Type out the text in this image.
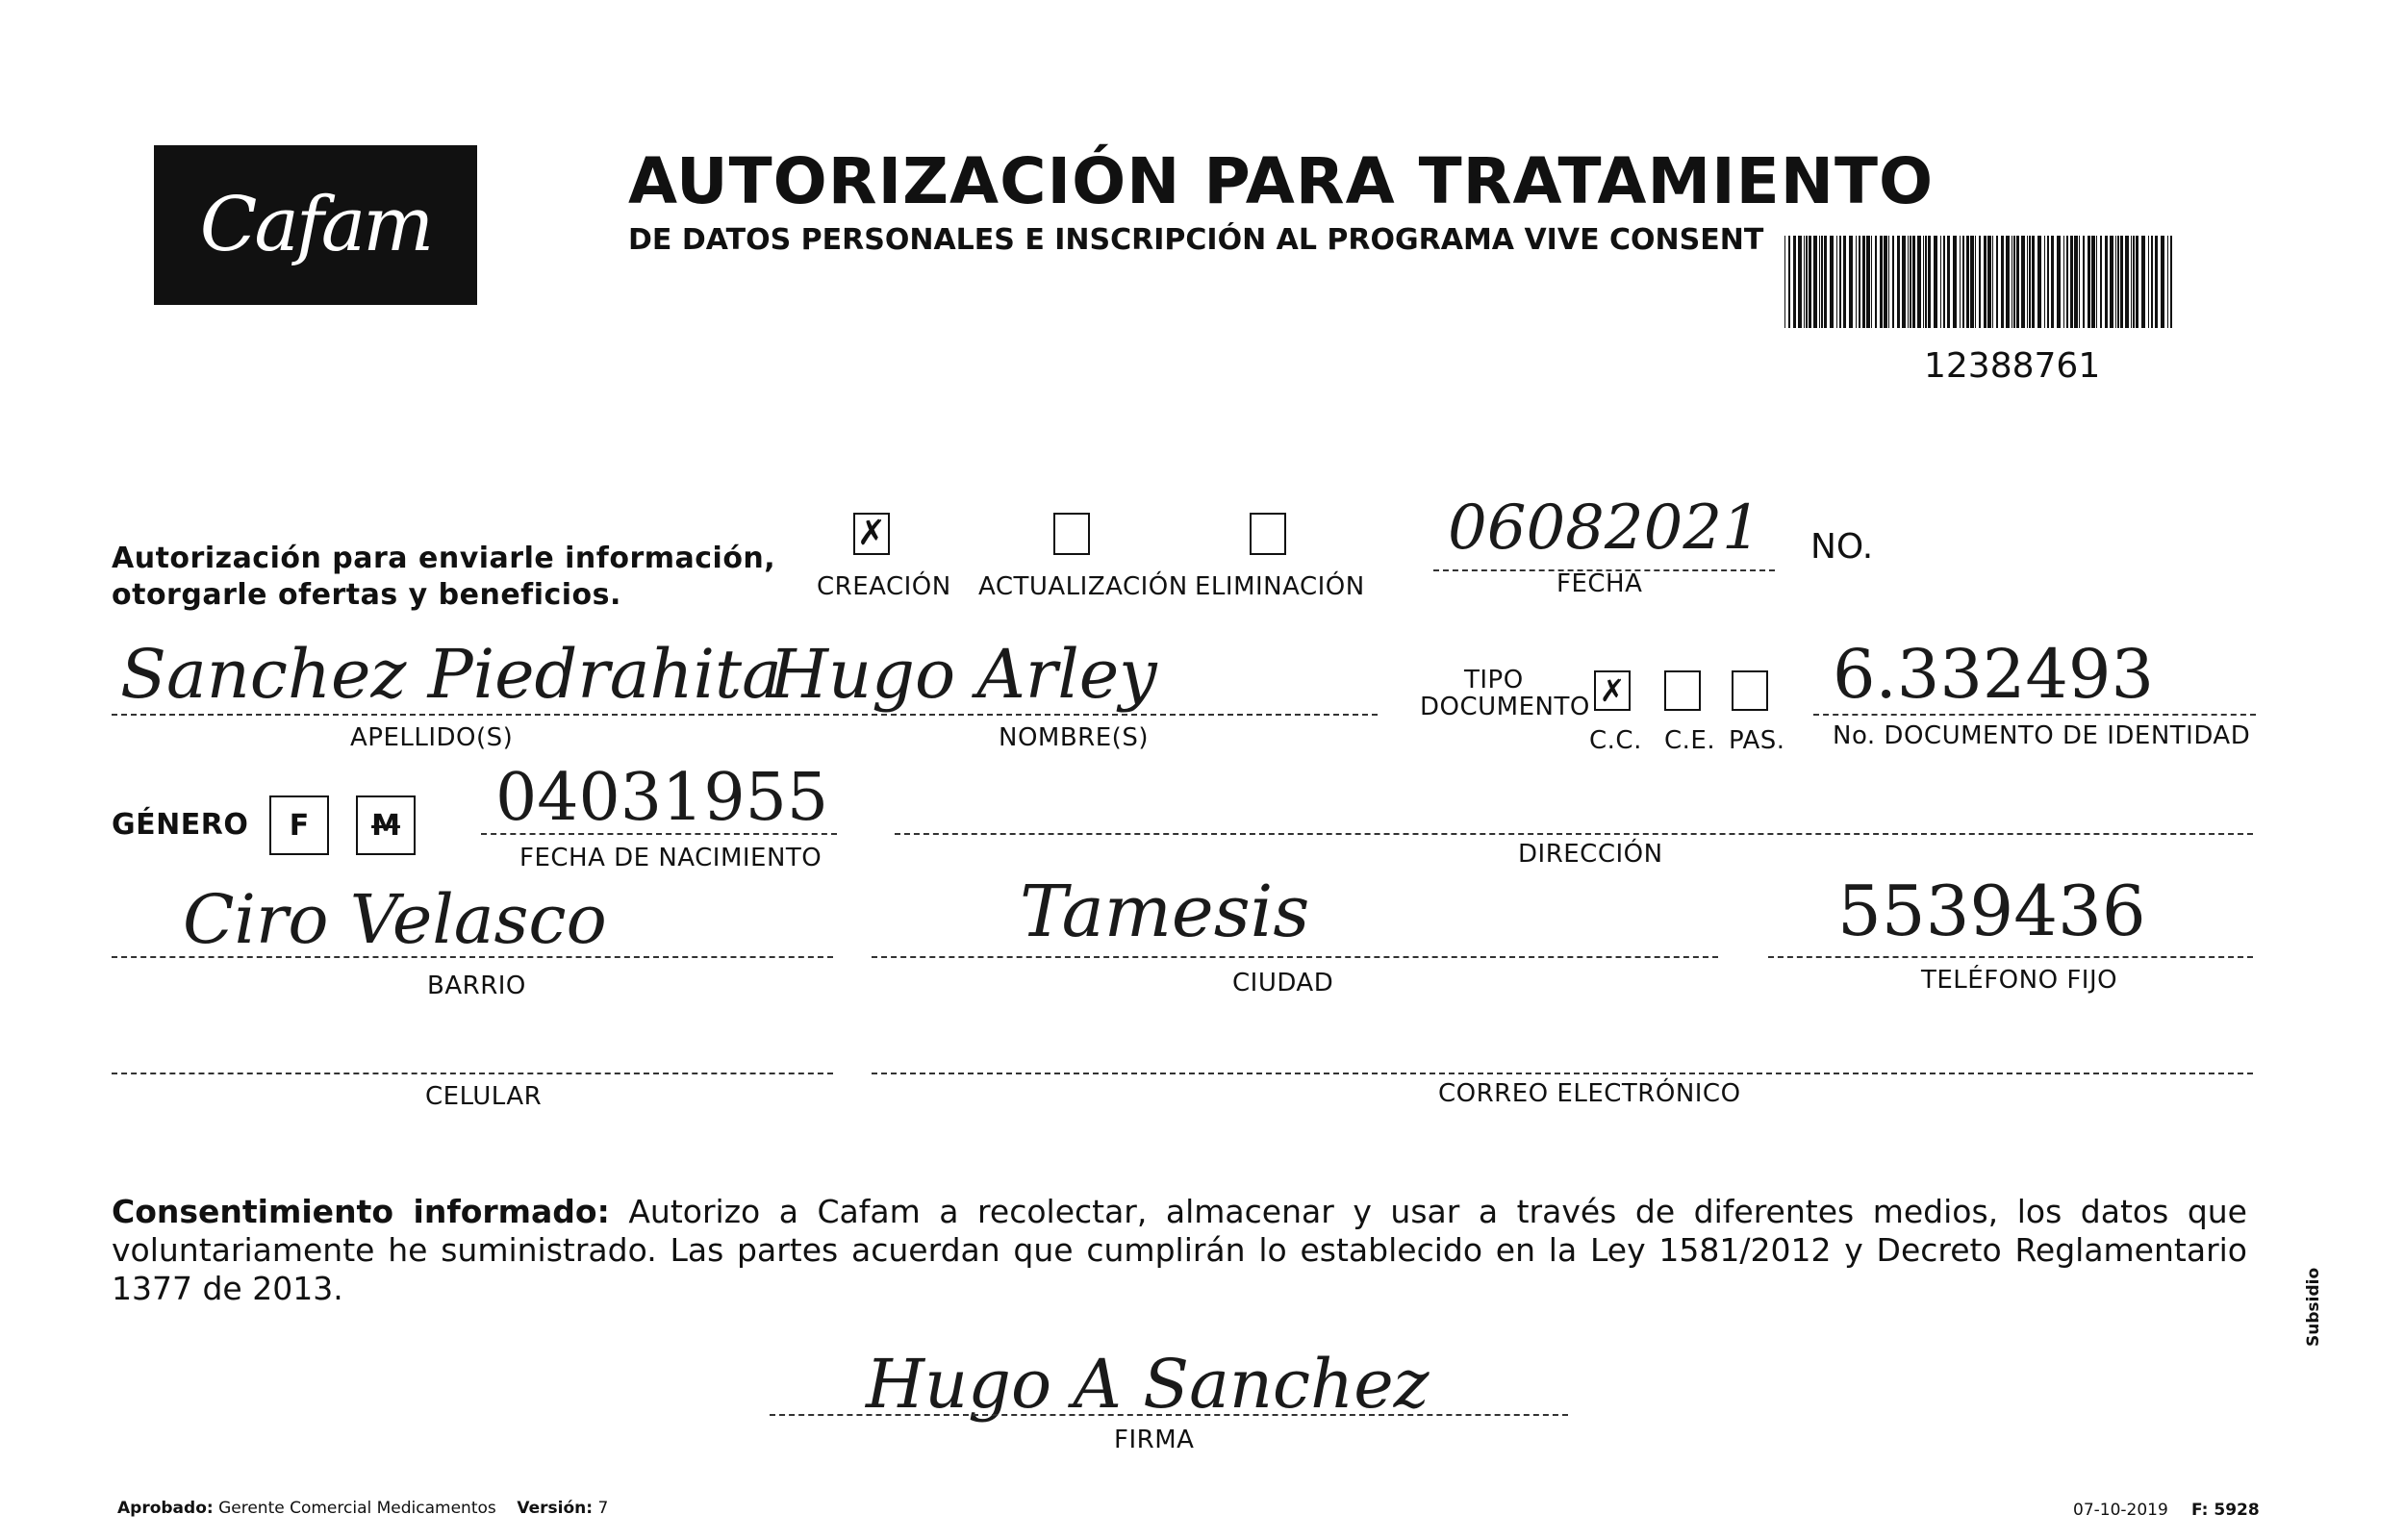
Cafam
AUTORIZACIÓN PARA TRATAMIENTO
DE DATOS PERSONALES E INSCRIPCIÓN AL PROGRAMA VIVE CONSENT
12388761
Autorización para enviarle información,
otorgarle ofertas y beneficios.
✗
CREACIÓN ACTUALIZACIÓN ELIMINACIÓN
06082021
FECHA
NO.
Sanchez Piedrahita
Hugo Arley
APELLIDO(S)	NOMBRE(S)
TIPO
DOCUMENTO ✗
C.C. C.E. PAS.
6.332493
No. DOCUMENTO DE IDENTIDAD
GÉNERO F M 04031955
FECHA DE NACIMIENTO	DIRECCIÓN
Ciro Velasco
BARRIO
Tamesis
CIUDAD
5539436
TELÉFONO FIJO
CELULAR	CORREO ELECTRÓNICO
Consentimiento informado: Autorizo a Cafam a recolectar, almacenar y usar a través de diferentes medios, los datos que voluntariamente he suministrado. Las partes acuerdan que cumplirán lo establecido en la Ley 1581/2012 y Decreto Reglamentario 1377 de 2013.
Hugo A Sanchez
FIRMA
Aprobado: Gerente Comercial Medicamentos Versión: 7	07-10-2019 F: 5928
Subsidio
